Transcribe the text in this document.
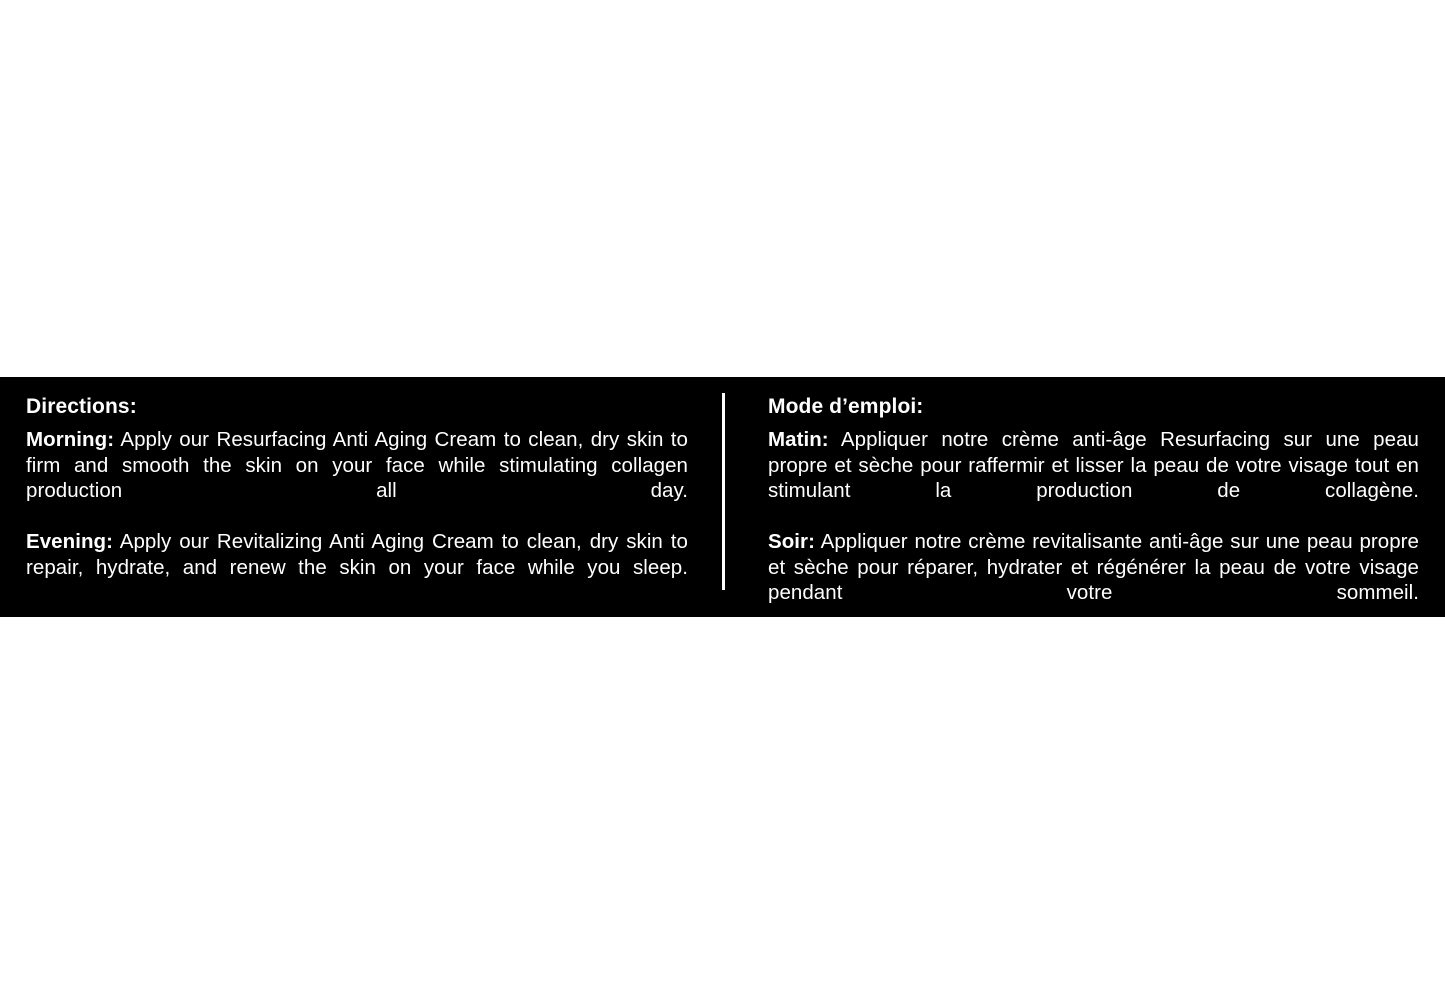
Directions:

Morning: Apply our Resurfacing Anti Aging Cream to clean, dry skin to firm and smooth the skin on your face while stimulating collagen production all day.

Evening: Apply our Revitalizing Anti Aging Cream to clean, dry skin to repair, hydrate, and renew the skin on your face while you sleep.

Mode d’emploi:

Matin: Appliquer notre crème anti-âge Resurfacing sur une peau propre et sèche pour raffermir et lisser la peau de votre visage tout en stimulant la production de collagène.

Soir: Appliquer notre crème revitalisante anti-âge sur une peau propre et sèche pour réparer, hydrater et régénérer la peau de votre visage pendant votre sommeil.
